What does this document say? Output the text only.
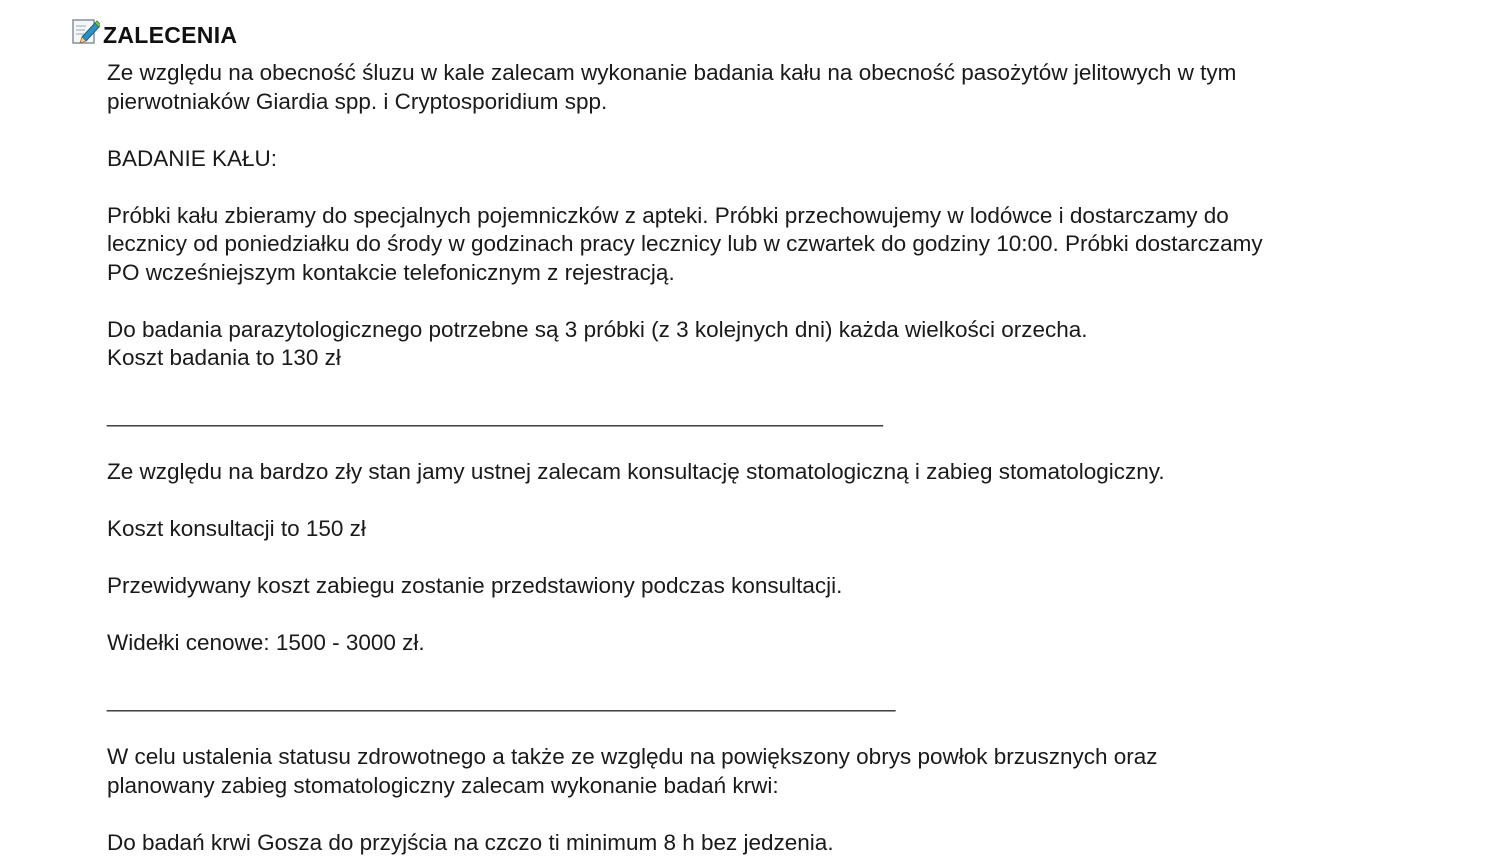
ZALECENIA

Ze względu na obecność śluzu w kale zalecam wykonanie badania kału na obecność pasożytów jelitowych w tym

pierwotniaków Giardia spp. i Cryptosporidium spp.

BADANIE KAŁU:

Próbki kału zbieramy do specjalnych pojemniczków z apteki. Próbki przechowujemy w lodówce i dostarczamy do

lecznicy od poniedziałku do środy w godzinach pracy lecznicy lub w czwartek do godziny 10:00. Próbki dostarczamy

PO wcześniejszym kontakcie telefonicznym z rejestracją.

Do badania parazytologicznego potrzebne są 3 próbki (z 3 kolejnych dni) każda wielkości orzecha.

Koszt badania to 130 zł

______________________________________________________________

Ze względu na bardzo zły stan jamy ustnej zalecam konsultację stomatologiczną i zabieg stomatologiczny.

Koszt konsultacji to 150 zł

Przewidywany koszt zabiegu zostanie przedstawiony podczas konsultacji.

Widełki cenowe: 1500 - 3000 zł.

_______________________________________________________________

W celu ustalenia statusu zdrowotnego a także ze względu na powiększony obrys powłok brzusznych oraz

planowany zabieg stomatologiczny zalecam wykonanie badań krwi:

Do badań krwi Gosza do przyjścia na czczo ti minimum 8 h bez jedzenia.
